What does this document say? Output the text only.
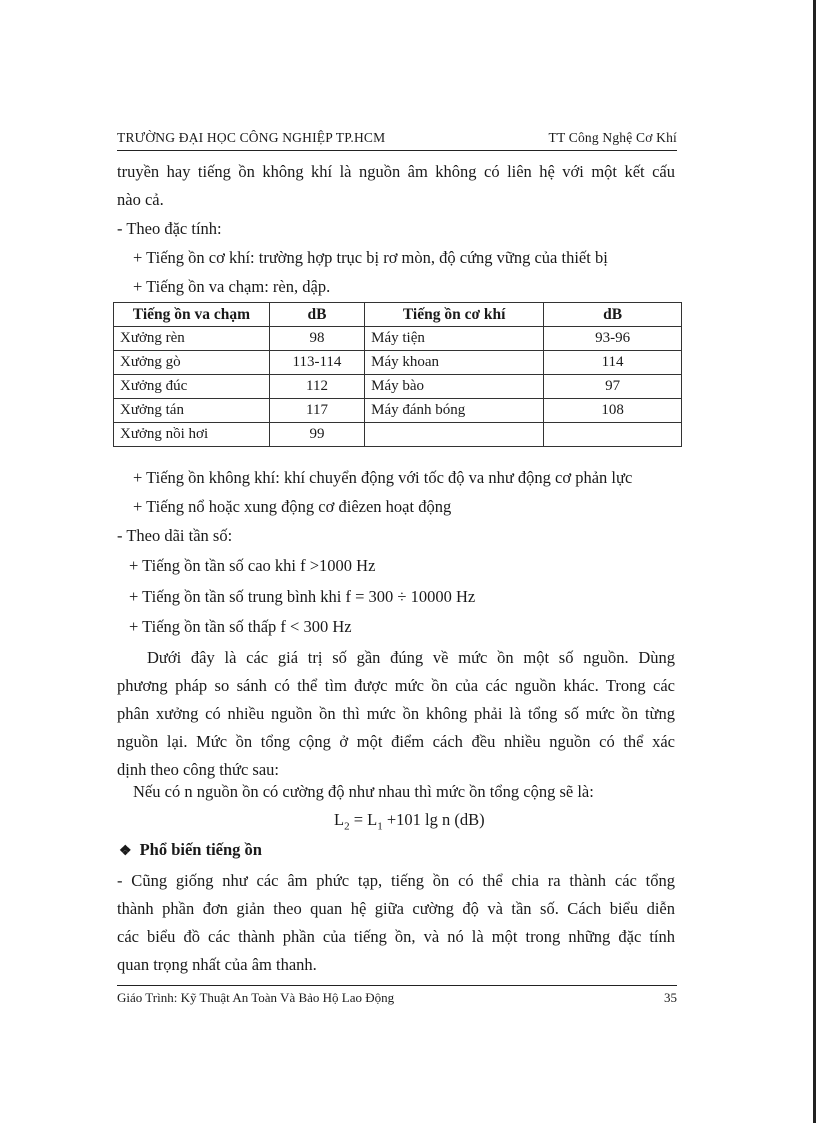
TRƯỜNG ĐẠI HỌC CÔNG NGHIỆP TP.HCM	TT Công Nghệ Cơ Khí
truyền hay tiếng ồn không khí là nguồn âm không có liên hệ với một kết cấu
nào cả.
- Theo đặc tính:
+ Tiếng ồn cơ khí: trường hợp trục bị rơ mòn, độ cứng vững của thiết bị
+ Tiếng ồn va chạm: rèn, dập.
Tiếng ồn va chạm	dB	Tiếng ồn cơ khí	dB
Xưởng rèn	98	Máy tiện	93-96
Xưởng gò	113-114	Máy khoan	114
Xưởng đúc	112	Máy bào	97
Xưởng tán	117	Máy đánh bóng	108
Xưởng nồi hơi	99		
+ Tiếng ồn không khí: khí chuyển động với tốc độ va như động cơ phản lực
+ Tiếng nổ hoặc xung động cơ điêzen hoạt động
- Theo dãi tần số:
+ Tiếng ồn tần số cao khi f >1000 Hz
+ Tiếng ồn tần số trung bình khi f = 300 ÷ 10000 Hz
+ Tiếng ồn tần số thấp f < 300 Hz
Dưới đây là các giá trị số gần đúng về mức ồn một số nguồn. Dùng
phương pháp so sánh có thể tìm được mức ồn của các nguồn khác. Trong các
phân xưởng có nhiều nguồn ồn thì mức ồn không phải là tổng số mức ồn từng
nguồn lại. Mức ồn tổng cộng ở một điểm cách đều nhiều nguồn có thể xác
dịnh theo công thức sau:
Nếu có n nguồn ồn có cường độ như nhau thì mức ồn tổng cộng sẽ là:
$L_2 = L_1 +101$ lg n (dB)
❖ Phổ biến tiếng ồn
- Cũng giống như các âm phức tạp, tiếng ồn có thể chia ra thành các tổng
thành phần đơn giản theo quan hệ giữa cường độ và tần số. Cách biểu diễn
các biểu đồ các thành phần của tiếng ồn, và nó là một trong những đặc tính
quan trọng nhất của âm thanh.
Giáo Trình: Kỹ Thuật An Toàn Và Bảo Hộ Lao Động	35
